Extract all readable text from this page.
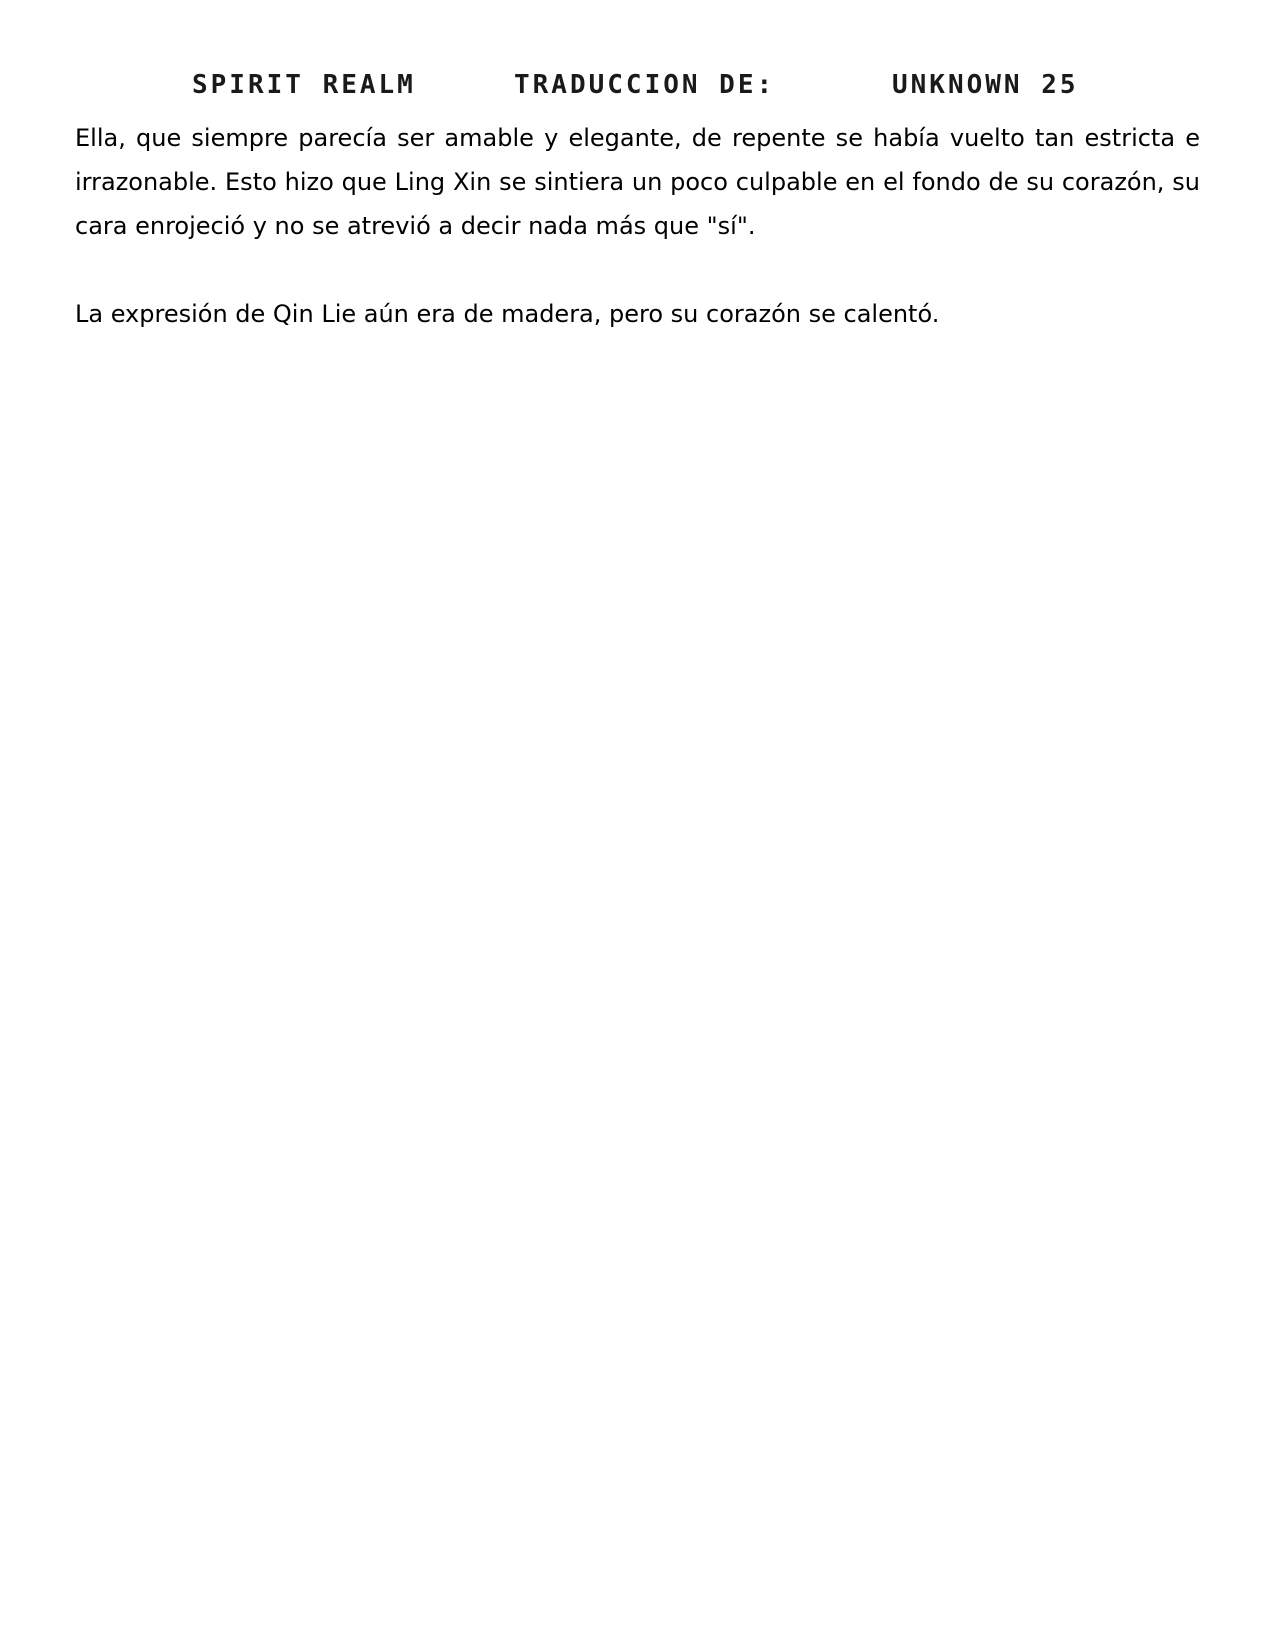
SPIRIT REALM	TRADUCCION DE:	UNKNOWN 25

Ella, que siempre parecía ser amable y elegante, de repente se había vuelto tan estricta e irrazonable. Esto hizo que Ling Xin se sintiera un poco culpable en el fondo de su corazón, su cara enrojeció y no se atrevió a decir nada más que "sí".

La expresión de Qin Lie aún era de madera, pero su corazón se calentó.
